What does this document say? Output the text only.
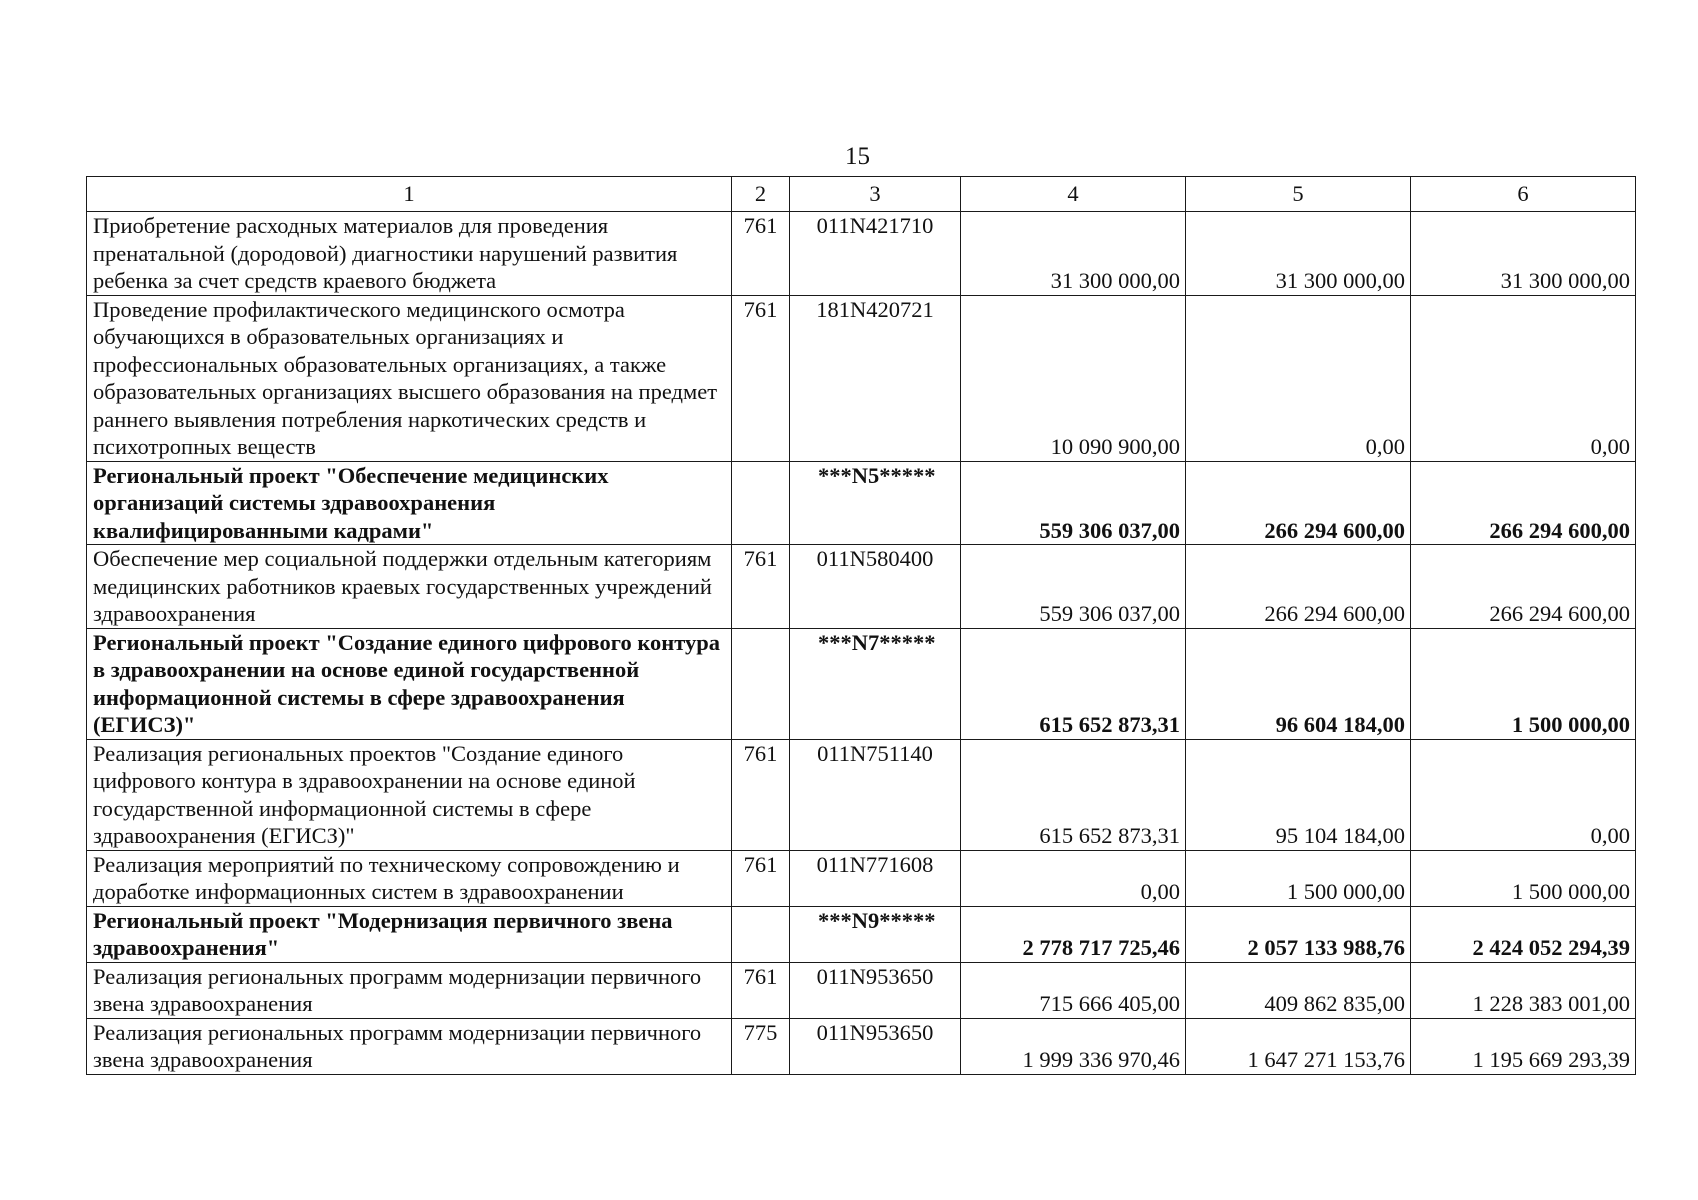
15
1	2	3	4	5	6
Приобретение расходных материалов для проведения пренатальной (дородовой) диагностики нарушений развития ребенка за счет средств краевого бюджета	761	011N421710	31 300 000,00	31 300 000,00	31 300 000,00
Проведение профилактического медицинского осмотра обучающихся в образовательных организациях и профессиональных образовательных организациях, а также образовательных организациях высшего образования на предмет раннего выявления потребления наркотических средств и психотропных веществ	761	181N420721	10 090 900,00	0,00	0,00
Региональный проект "Обеспечение медицинских организаций системы здравоохранения квалифицированными кадрами"		***N5*****	559 306 037,00	266 294 600,00	266 294 600,00
Обеспечение мер социальной поддержки отдельным категориям медицинских работников краевых государственных учреждений здравоохранения	761	011N580400	559 306 037,00	266 294 600,00	266 294 600,00
Региональный проект "Создание единого цифрового контура в здравоохранении на основе единой государственной информационной системы в сфере здравоохранения (ЕГИСЗ)"		***N7*****	615 652 873,31	96 604 184,00	1 500 000,00
Реализация региональных проектов "Создание единого цифрового контура в здравоохранении на основе единой государственной информационной системы в сфере здравоохранения (ЕГИСЗ)"	761	011N751140	615 652 873,31	95 104 184,00	0,00
Реализация мероприятий по техническому сопровождению и доработке информационных систем в здравоохранении	761	011N771608	0,00	1 500 000,00	1 500 000,00
Региональный проект "Модернизация первичного звена здравоохранения"		***N9*****	2 778 717 725,46	2 057 133 988,76	2 424 052 294,39
Реализация региональных программ модернизации первичного звена здравоохранения	761	011N953650	715 666 405,00	409 862 835,00	1 228 383 001,00
Реализация региональных программ модернизации первичного звена здравоохранения	775	011N953650	1 999 336 970,46	1 647 271 153,76	1 195 669 293,39
